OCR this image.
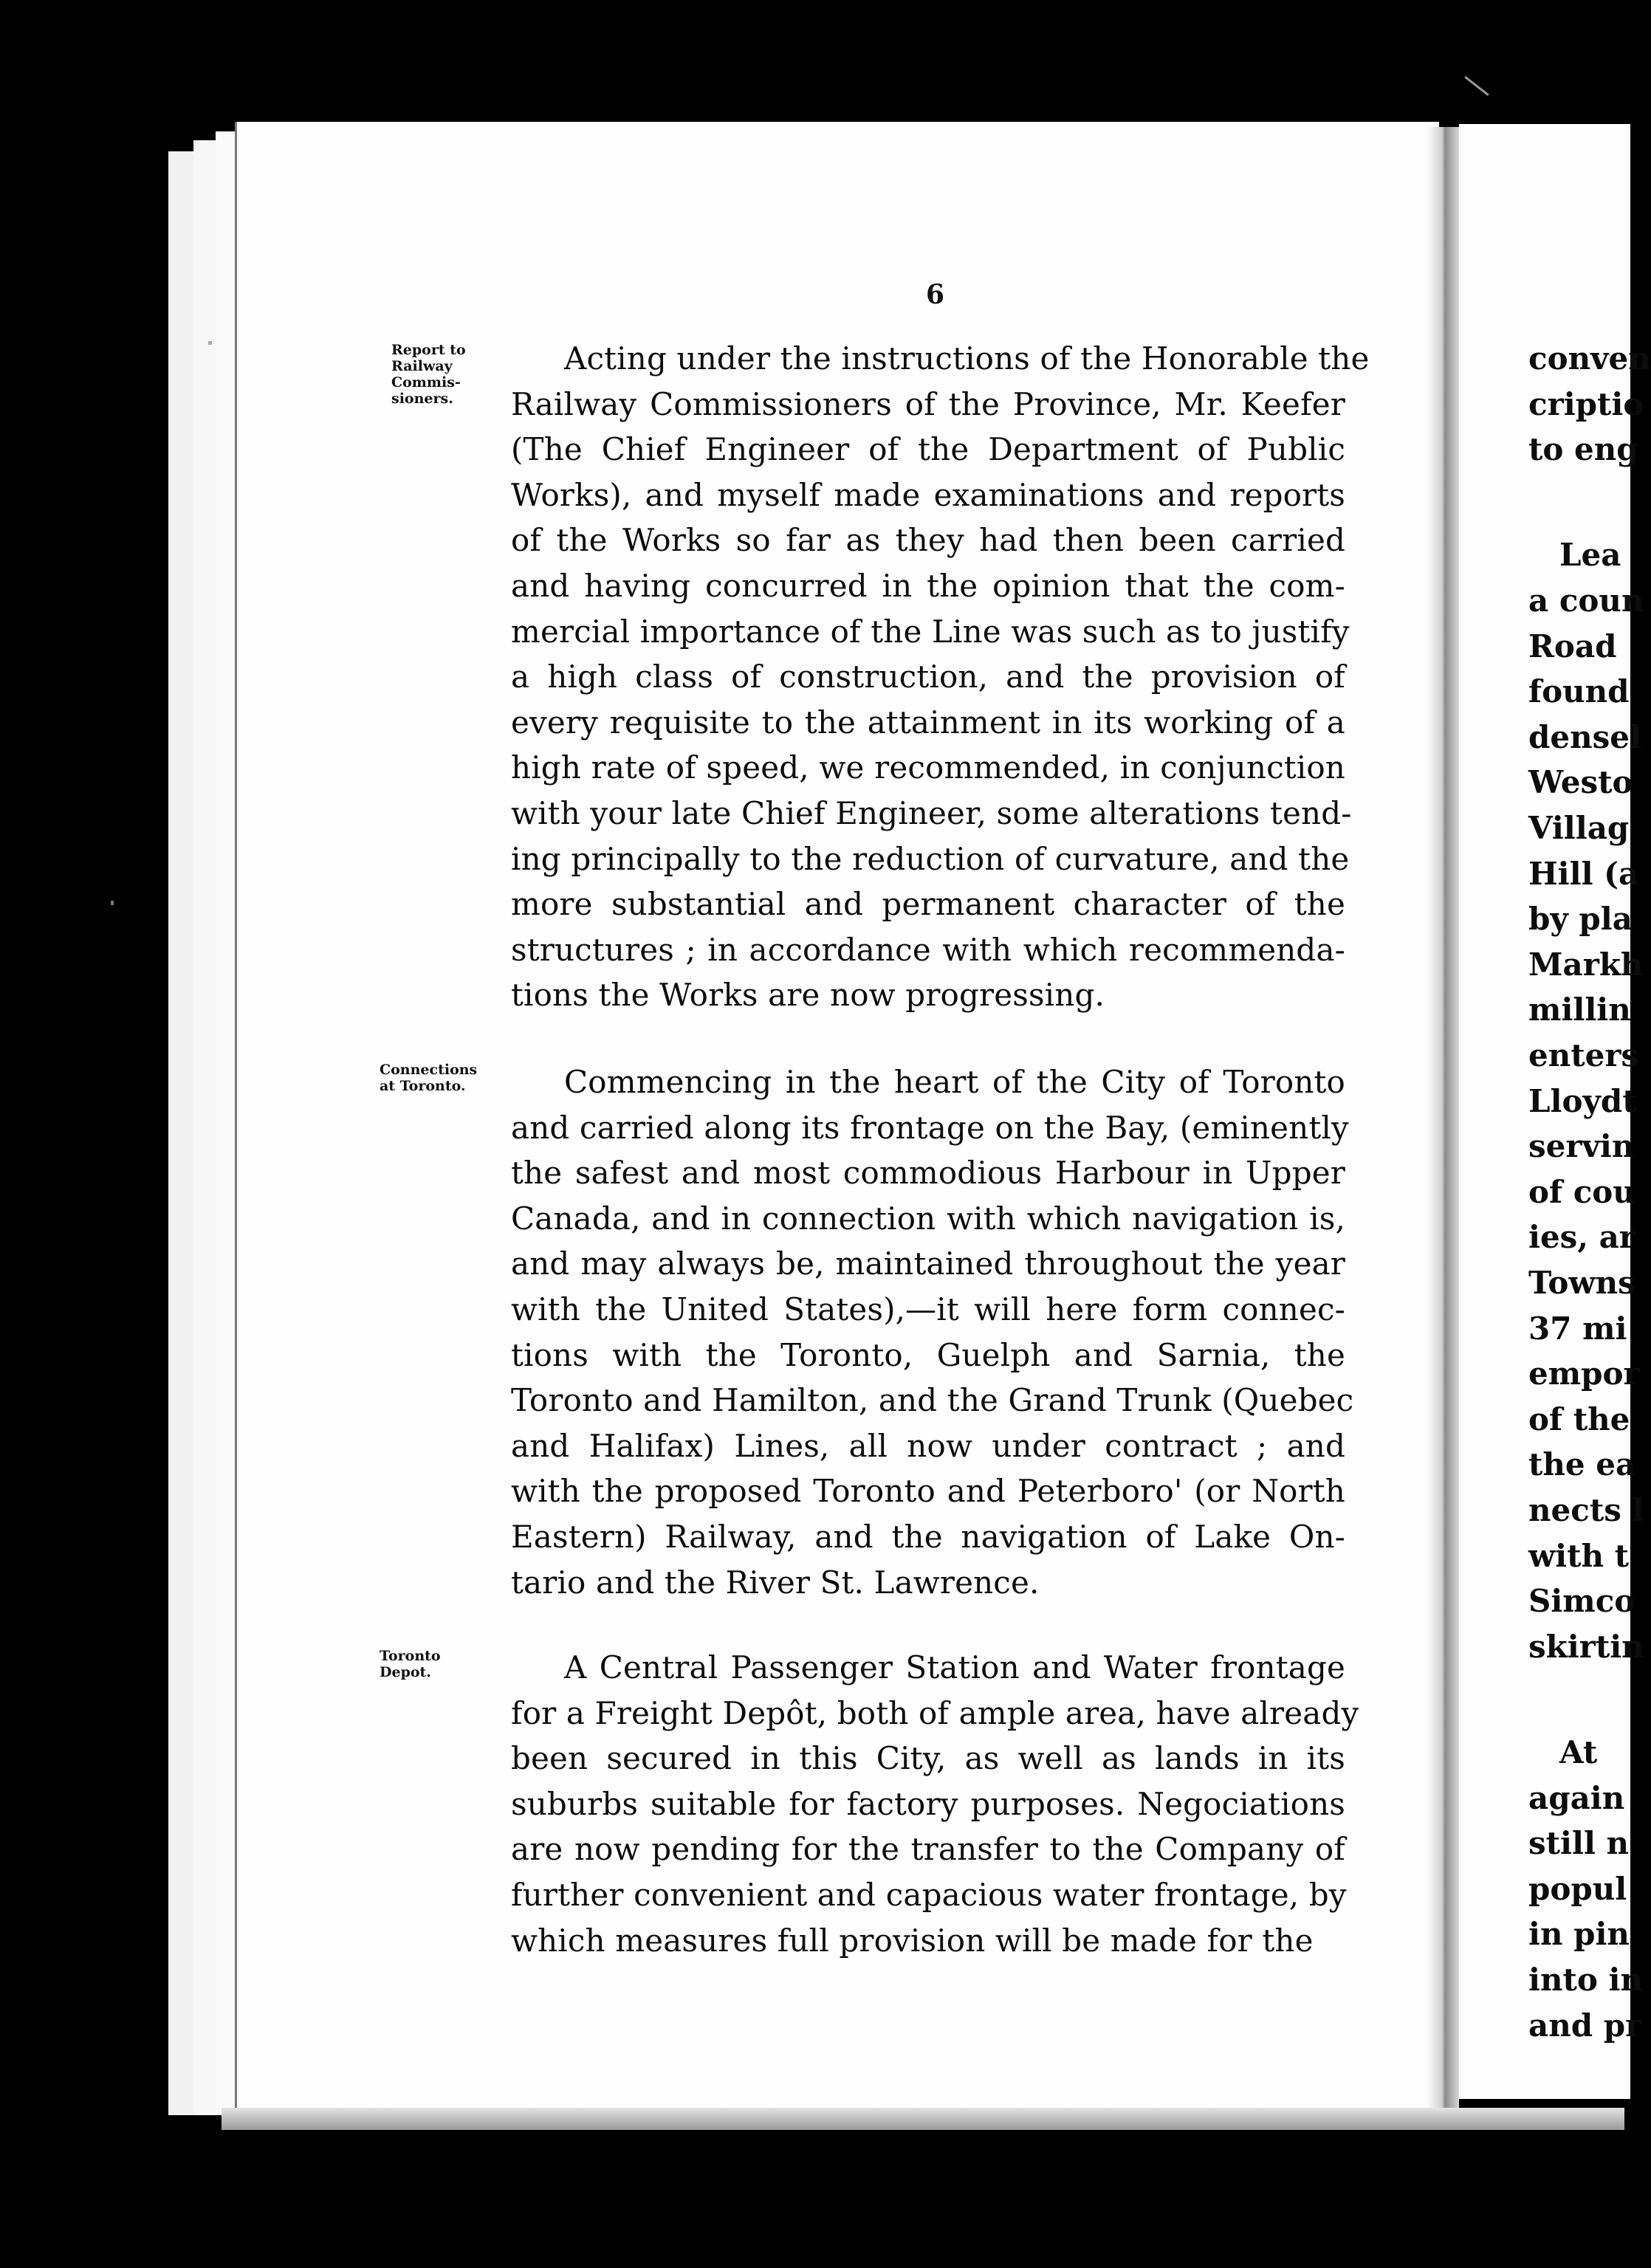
conven
criptio
to eng
Lea
a coun
Road
found
densel
Westo
Villag
Hill (a
by pla
Markh
millin
enters
Lloydt
servin
of cou
ies, ar
Towns
37 mi
empor
of the
the ea
nects l
with t
Simco
skirtin
At
again
still n
popul
in pin
into in
and pr
6
Report to
Railway
Commis-
sioners.
Connections
at Toronto.
Toronto
Depot.
Acting under the instructions of the Honorable the
Railway Commissioners of the Province, Mr. Keefer
(The Chief Engineer of the Department of Public
Works), and myself made examinations and reports
of the Works so far as they had then been carried
and having concurred in the opinion that the com-
mercial importance of the Line was such as to justify
a high class of construction, and the provision of
every requisite to the attainment in its working of a
high rate of speed, we recommended, in conjunction
with your late Chief Engineer, some alterations tend-
ing principally to the reduction of curvature, and the
more substantial and permanent character of the
structures ; in accordance with which recommenda-
tions the Works are now progressing.
Commencing in the heart of the City of Toronto
and carried along its frontage on the Bay, (eminently
the safest and most commodious Harbour in Upper
Canada, and in connection with which navigation is,
and may always be, maintained throughout the year
with the United States),—it will here form connec-
tions with the Toronto, Guelph and Sarnia, the
Toronto and Hamilton, and the Grand Trunk (Quebec
and Halifax) Lines, all now under contract ; and
with the proposed Toronto and Peterboro' (or North
Eastern) Railway, and the navigation of Lake On-
tario and the River St. Lawrence.
A Central Passenger Station and Water frontage
for a Freight Depôt, both of ample area, have already
been secured in this City, as well as lands in its
suburbs suitable for factory purposes. Negociations
are now pending for the transfer to the Company of
further convenient and capacious water frontage, by
which measures full provision will be made for the
